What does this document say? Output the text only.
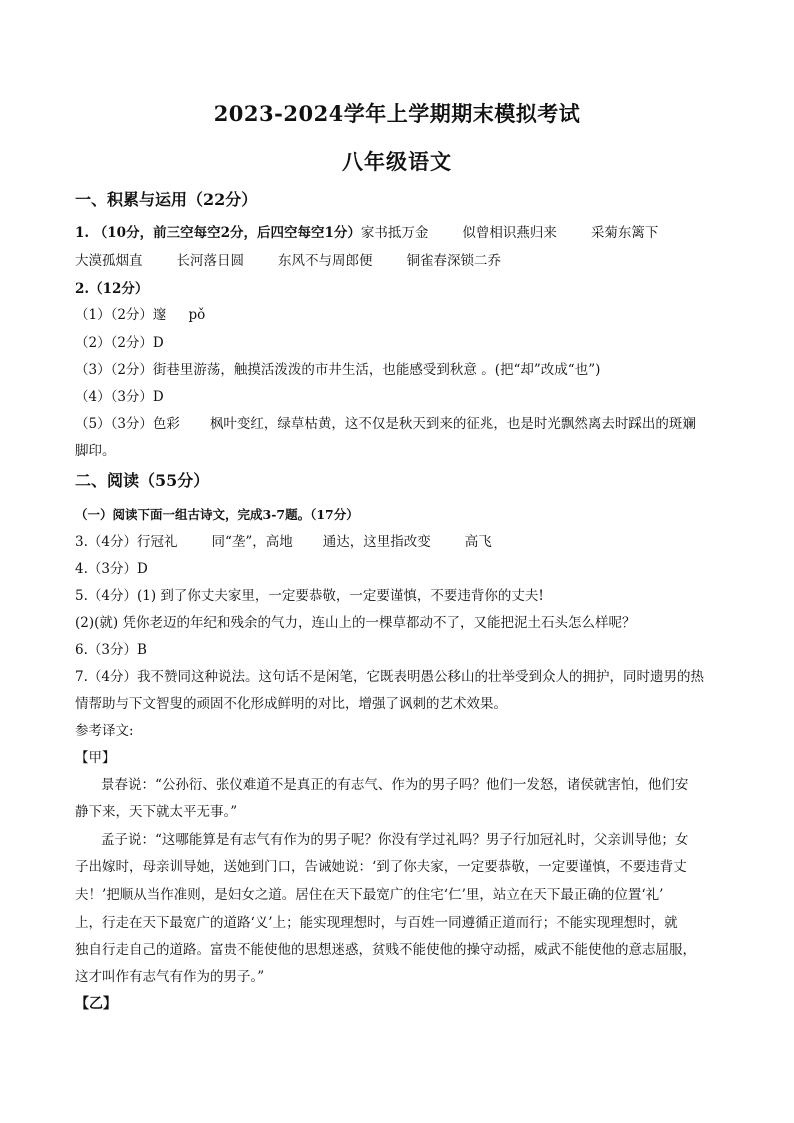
2023-2024学年上学期期末模拟考试
八年级语文
一、积累与运用（22分）
1. （10分，前三空每空2分，后四空每空1分）家书抵万金	似曾相识燕归来	采菊东篱下
大漠孤烟直	长河落日圆	东风不与周郎便	铜雀春深锁二乔
2.（12分）
（1）（2分）邃 pǒ
（2）（2分）D
（3）（2分）街巷里游荡，触摸活泼泼的市井生活，也能感受到秋意 。(把“却”改成“也”)
（4）（3分）D
（5）（3分）色彩 枫叶变红，绿草枯黄，这不仅是秋天到来的征兆，也是时光飘然离去时踩出的斑斓
脚印。
二、阅读（55分）
（一）阅读下面一组古诗文，完成3-7题。（17分）
3.（4分）行冠礼	同“垄”，高地 通达，这里指改变	高飞
4.（3分）D
5.（4分）(1) 到了你丈夫家里，一定要恭敬，一定要谨慎，不要违背你的丈夫!
(2)(就) 凭你老迈的年纪和残余的气力，连山上的一棵草都动不了，又能把泥土石头怎么样呢？
6.（3分）B
7.（4分）我不赞同这种说法。这句话不是闲笔，它既表明愚公移山的壮举受到众人的拥护，同时遗男的热
情帮助与下文智叟的顽固不化形成鲜明的对比，增强了讽刺的艺术效果。
参考译文:
【甲】
景春说：“公孙衍、张仪难道不是真正的有志气、作为的男子吗？他们一发怒，诸侯就害怕，他们安
静下来，天下就太平无事。”
孟子说：“这哪能算是有志气有作为的男子呢？你没有学过礼吗？男子行加冠礼时，父亲训导他；女
子出嫁时，母亲训导她，送她到门口，告诫她说：‘到了你夫家，一定要恭敬，一定要谨慎，不要违背丈
夫！’把顺从当作准则，是妇女之道。居住在天下最宽广的住宅‘仁’里，站立在天下最正确的位置‘礼’
上，行走在天下最宽广的道路‘义’上；能实现理想时，与百姓一同遵循正道而行；不能实现理想时，就
独自行走自己的道路。富贵不能使他的思想迷惑，贫贱不能使他的操守动摇，威武不能使他的意志屈服，
这才叫作有志气有作为的男子。”
【乙】
